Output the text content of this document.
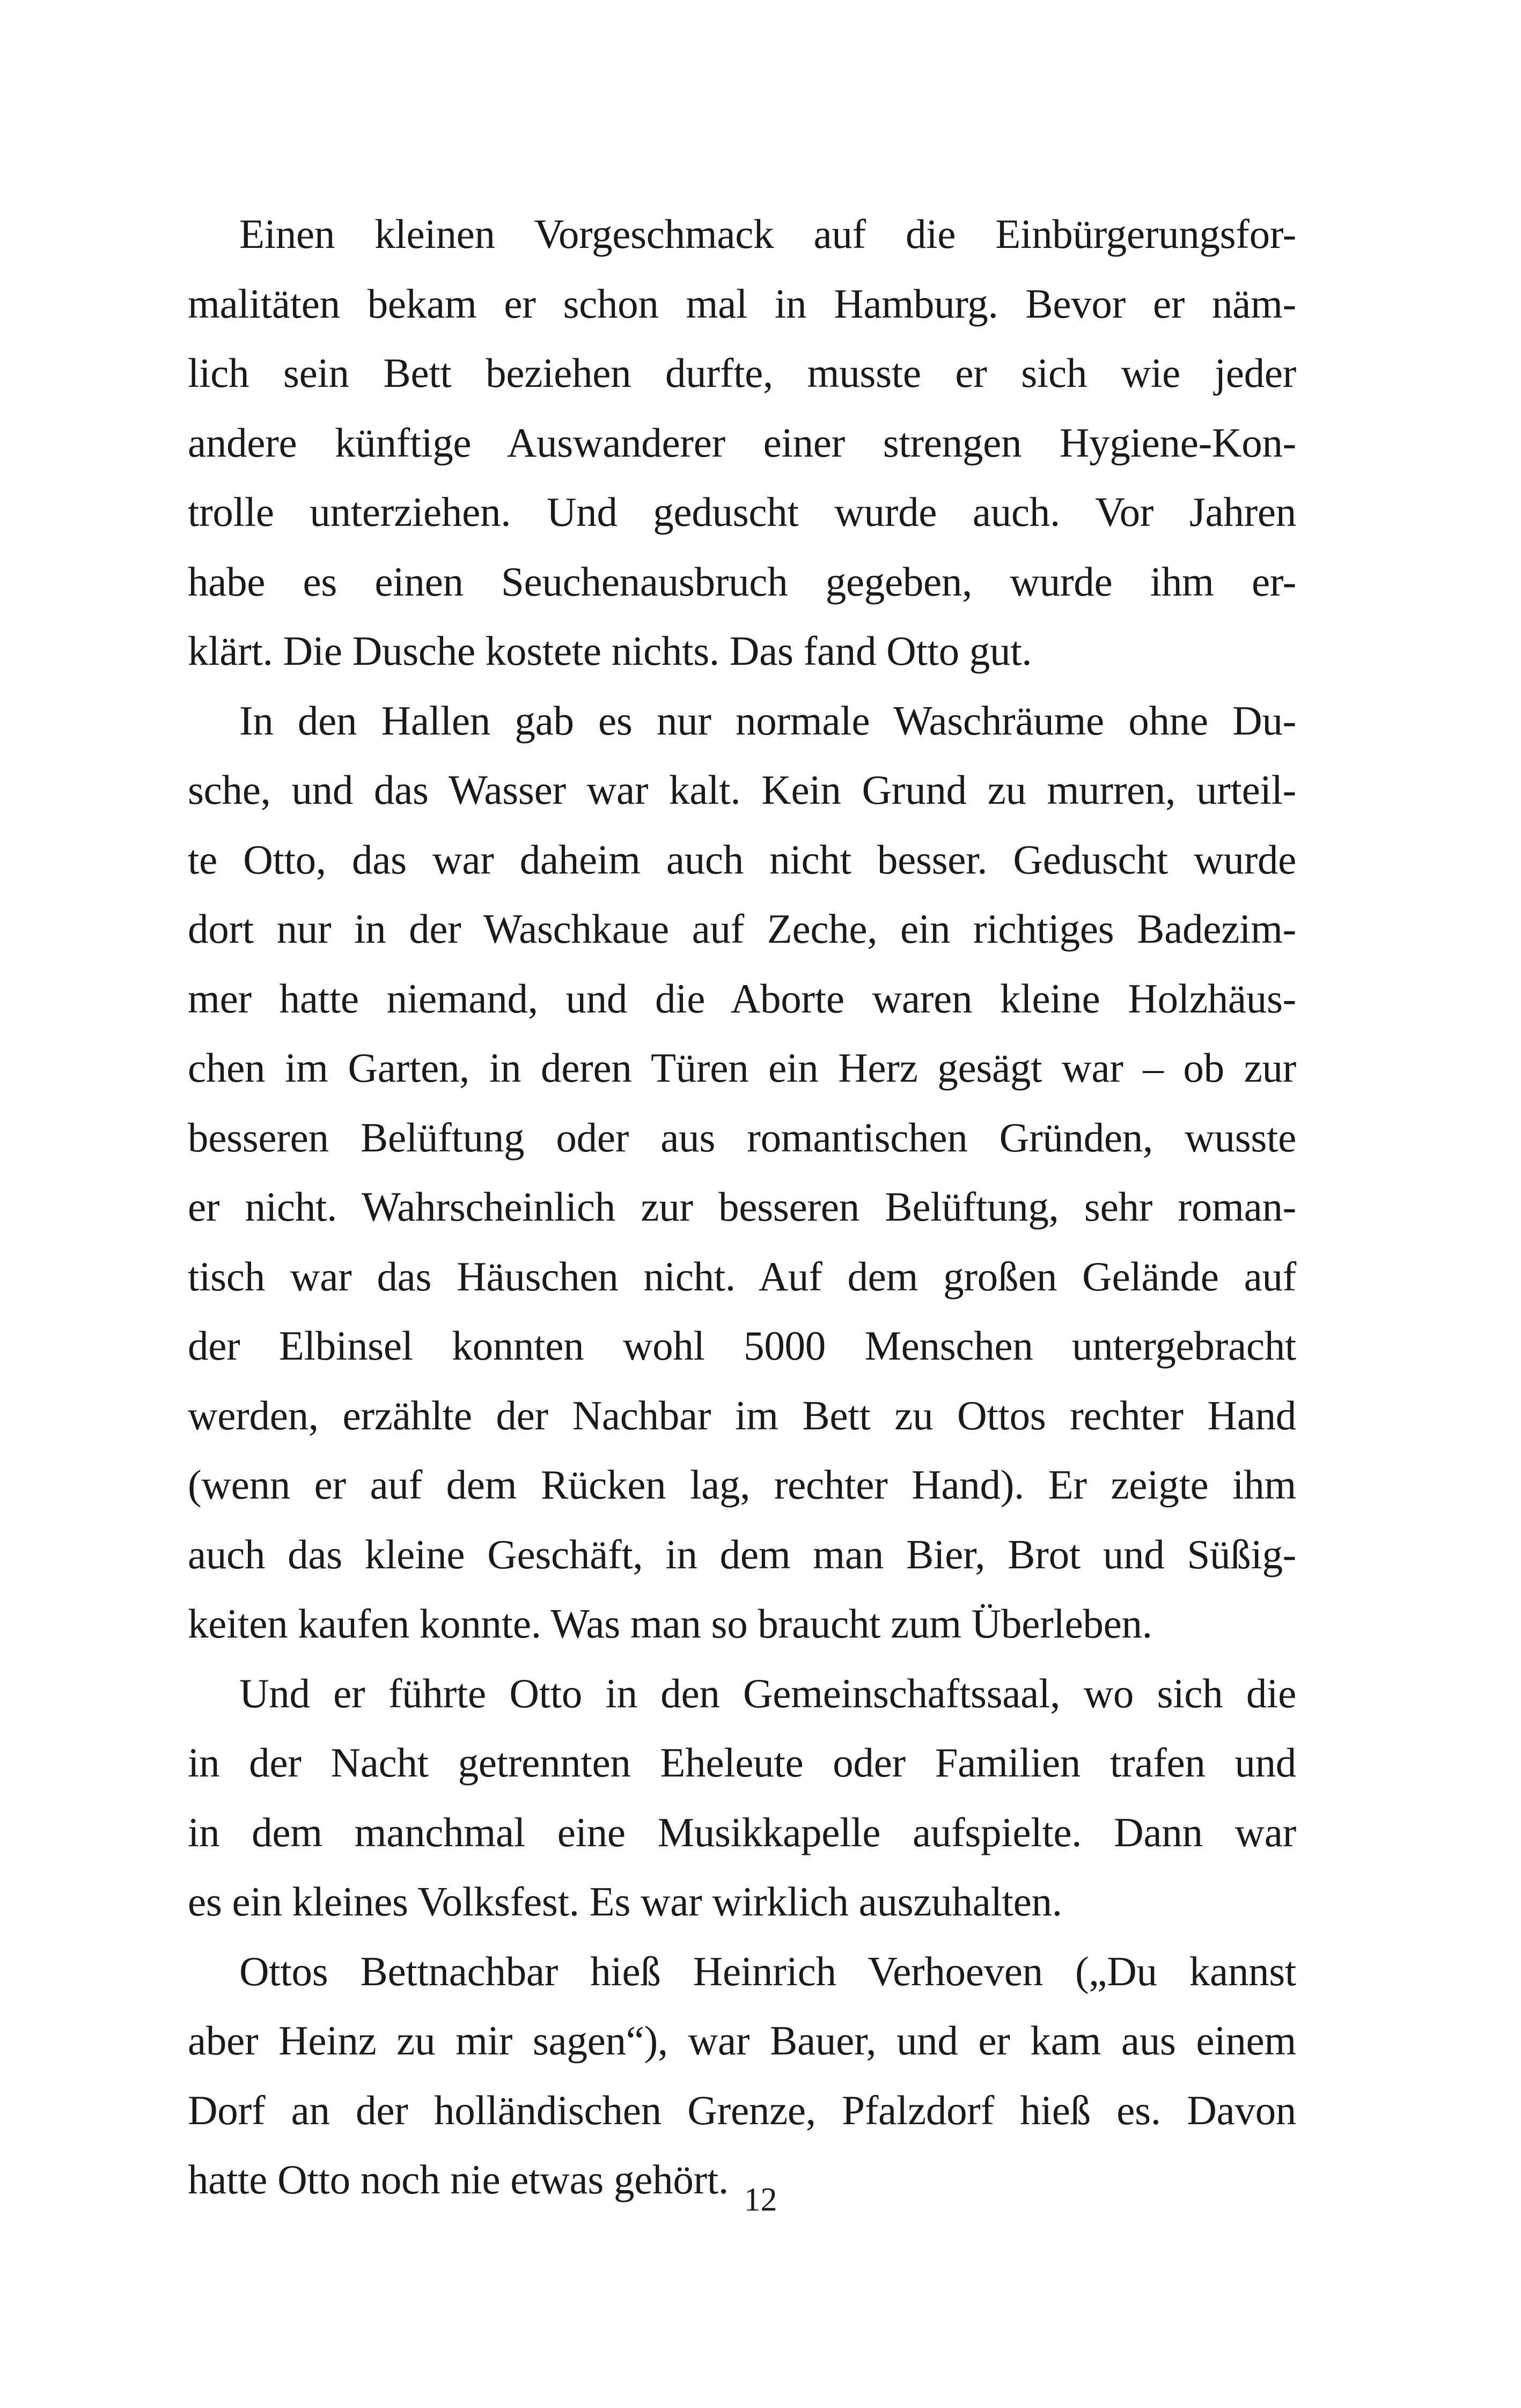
Einen kleinen Vorgeschmack auf die Einbürgerungsfor-
malitäten bekam er schon mal in Hamburg. Bevor er näm-
lich sein Bett beziehen durfte, musste er sich wie jeder
andere künftige Auswanderer einer strengen Hygiene-Kon-
trolle unterziehen. Und geduscht wurde auch. Vor Jahren
habe es einen Seuchenausbruch gegeben, wurde ihm er-
klärt. Die Dusche kostete nichts. Das fand Otto gut.
In den Hallen gab es nur normale Waschräume ohne Du-
sche, und das Wasser war kalt. Kein Grund zu murren, urteil-
te Otto, das war daheim auch nicht besser. Geduscht wurde
dort nur in der Waschkaue auf Zeche, ein richtiges Badezim-
mer hatte niemand, und die Aborte waren kleine Holzhäus-
chen im Garten, in deren Türen ein Herz gesägt war – ob zur
besseren Belüftung oder aus romantischen Gründen, wusste
er nicht. Wahrscheinlich zur besseren Belüftung, sehr roman-
tisch war das Häuschen nicht. Auf dem großen Gelände auf
der Elbinsel konnten wohl 5000 Menschen untergebracht
werden, erzählte der Nachbar im Bett zu Ottos rechter Hand
(wenn er auf dem Rücken lag, rechter Hand). Er zeigte ihm
auch das kleine Geschäft, in dem man Bier, Brot und Süßig-
keiten kaufen konnte. Was man so braucht zum Überleben.
Und er führte Otto in den Gemeinschaftssaal, wo sich die
in der Nacht getrennten Eheleute oder Familien trafen und
in dem manchmal eine Musikkapelle aufspielte. Dann war
es ein kleines Volksfest. Es war wirklich auszuhalten.
Ottos Bettnachbar hieß Heinrich Verhoeven („Du kannst
aber Heinz zu mir sagen“), war Bauer, und er kam aus einem
Dorf an der holländischen Grenze, Pfalzdorf hieß es. Davon
hatte Otto noch nie etwas gehört. 12
